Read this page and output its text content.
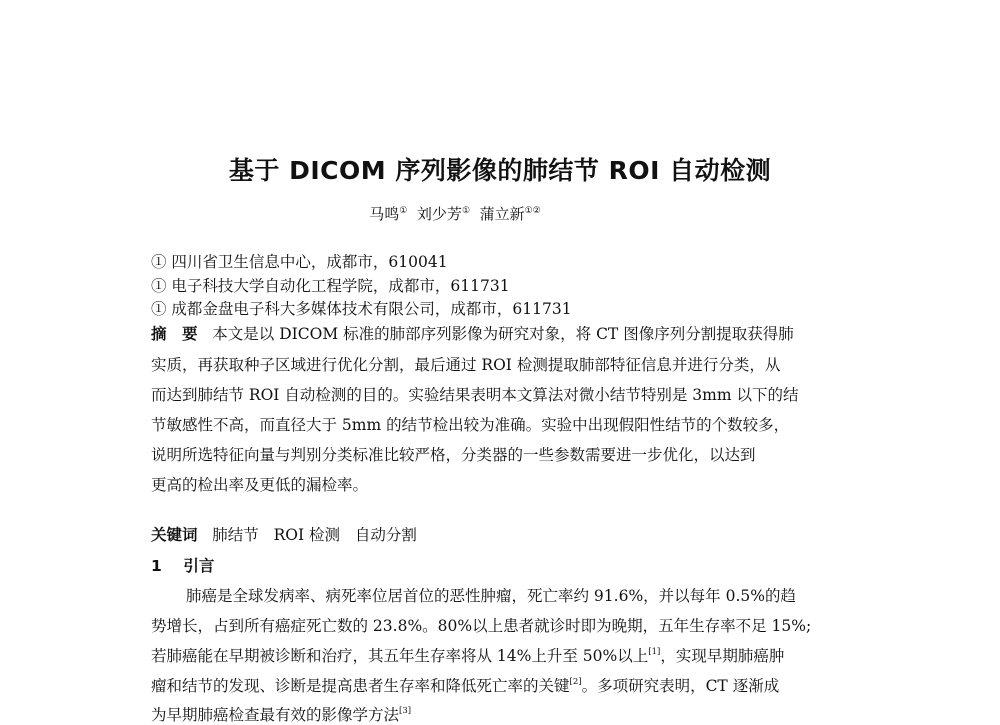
基于 DICOM 序列影像的肺结节 ROI 自动检测
马鸣① 刘少芳① 蒲立新①②
① 四川省卫生信息中心，成都市，610041
① 电子科技大学自动化工程学院，成都市，611731
① 成都金盘电子科大多媒体技术有限公司，成都市，611731
摘　要 本文是以 DICOM 标准的肺部序列影像为研究对象，将 CT 图像序列分割提取获得肺
实质，再获取种子区域进行优化分割，最后通过 ROI 检测提取肺部特征信息并进行分类，从
而达到肺结节 ROI 自动检测的目的。实验结果表明本文算法对微小结节特别是 3mm 以下的结
节敏感性不高，而直径大于 5mm 的结节检出较为准确。实验中出现假阳性结节的个数较多，
说明所选特征向量与判别分类标准比较严格，分类器的一些参数需要进一步优化，以达到
更高的检出率及更低的漏检率。
关键词 肺结节 ROI 检测 自动分割
1 引言
肺癌是全球发病率、病死率位居首位的恶性肿瘤，死亡率约 91.6%，并以每年 0.5%的趋
势增长，占到所有癌症死亡数的 23.8%。80%以上患者就诊时即为晚期，五年生存率不足 15%;
若肺癌能在早期被诊断和治疗，其五年生存率将从 14%上升至 50%以上[1]，实现早期肺癌肿
瘤和结节的发现、诊断是提高患者生存率和降低死亡率的关键[2]。多项研究表明，CT 逐渐成
为早期肺癌检查最有效的影像学方法[3]
